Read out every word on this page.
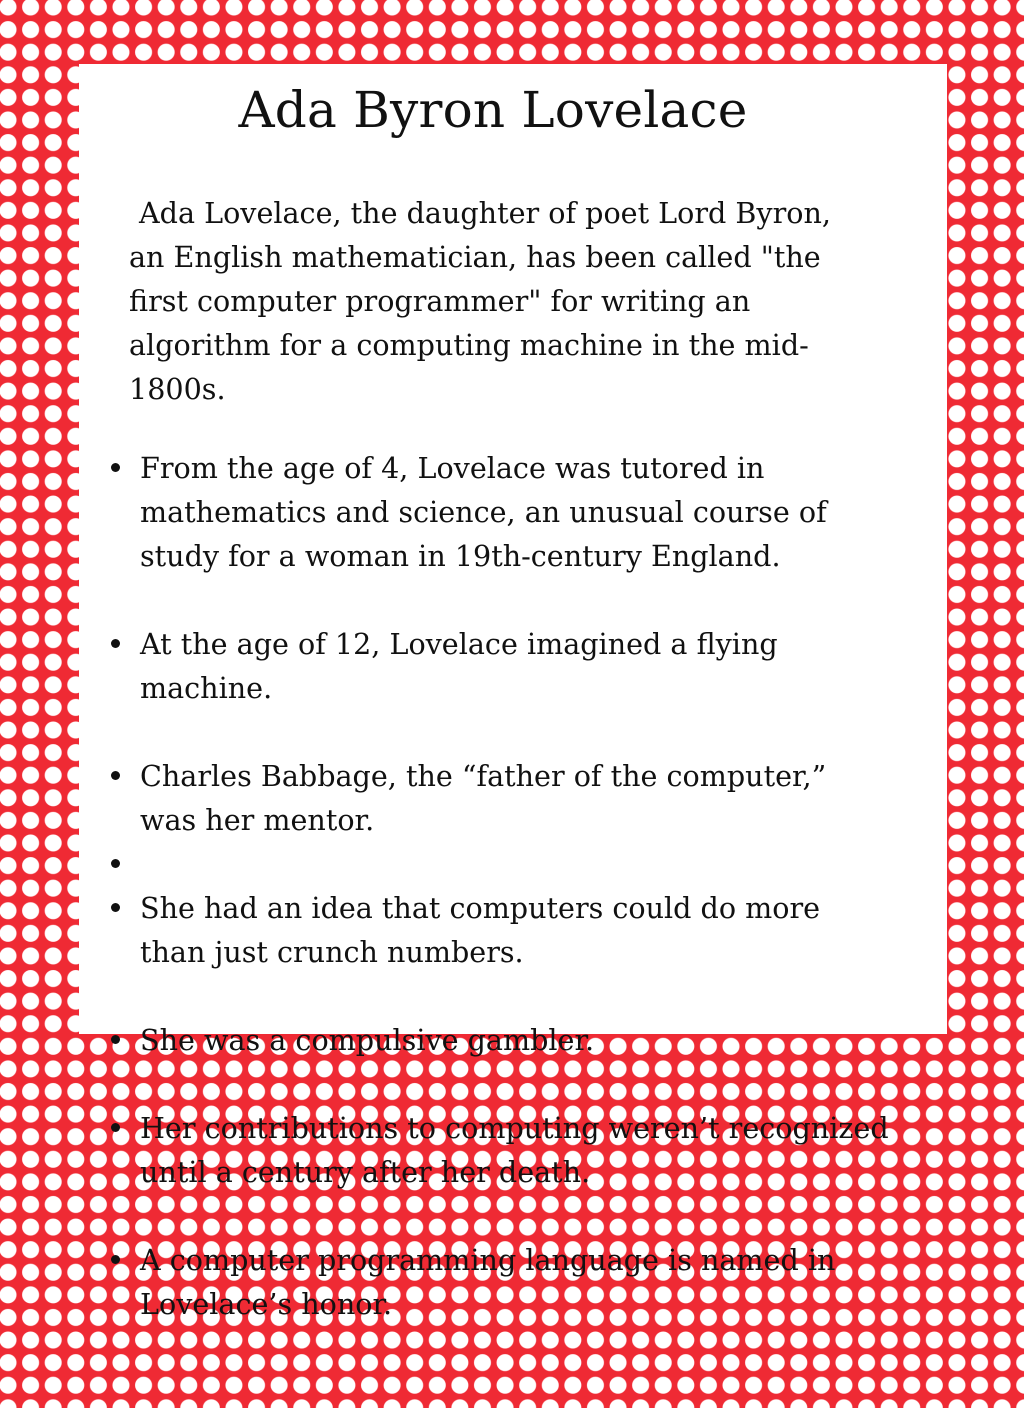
Ada Byron Lovelace

Ada Lovelace, the daughter of poet Lord Byron,
an English mathematician, has been called "the
first computer programmer" for writing an
algorithm for a computing machine in the mid-
1800s.

From the age of 4, Lovelace was tutored in
mathematics and science, an unusual course of
study for a woman in 19th-century England.
At the age of 12, Lovelace imagined a flying
machine.
Charles Babbage, the “father of the computer,”
was her mentor.
She had an idea that computers could do more
than just crunch numbers.
She was a compulsive gambler.
Her contributions to computing weren’t recognized
until a century after her death.
A computer programming language is named in
Lovelace’s honor.
